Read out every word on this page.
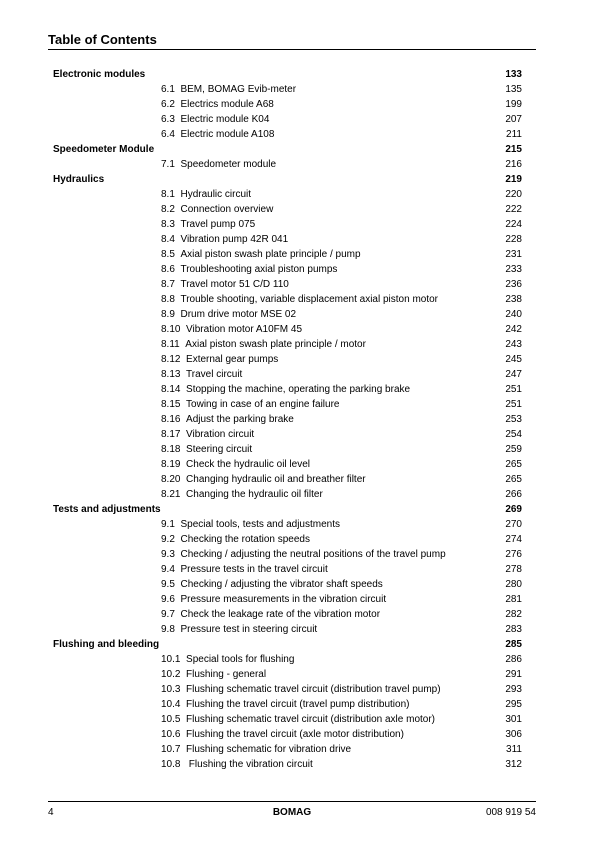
Table of Contents
Electronic modules	133
6.1 BEM, BOMAG Evib-meter	135
6.2 Electrics module A68	199
6.3 Electric module K04	207
6.4 Electric module A108	211
Speedometer Module	215
7.1 Speedometer module	216
Hydraulics	219
8.1 Hydraulic circuit	220
8.2 Connection overview	222
8.3 Travel pump 075	224
8.4 Vibration pump 42R 041	228
8.5 Axial piston swash plate principle / pump	231
8.6 Troubleshooting axial piston pumps	233
8.7 Travel motor 51 C/D 110	236
8.8 Trouble shooting, variable displacement axial piston motor	238
8.9 Drum drive motor MSE 02	240
8.10 Vibration motor A10FM 45	242
8.11 Axial piston swash plate principle / motor	243
8.12 External gear pumps	245
8.13 Travel circuit	247
8.14 Stopping the machine, operating the parking brake	251
8.15 Towing in case of an engine failure	251
8.16 Adjust the parking brake	253
8.17 Vibration circuit	254
8.18 Steering circuit	259
8.19 Check the hydraulic oil level	265
8.20 Changing hydraulic oil and breather filter	265
8.21 Changing the hydraulic oil filter	266
Tests and adjustments	269
9.1 Special tools, tests and adjustments	270
9.2 Checking the rotation speeds	274
9.3 Checking / adjusting the neutral positions of the travel pump	276
9.4 Pressure tests in the travel circuit	278
9.5 Checking / adjusting the vibrator shaft speeds	280
9.6 Pressure measurements in the vibration circuit	281
9.7 Check the leakage rate of the vibration motor	282
9.8 Pressure test in steering circuit	283
Flushing and bleeding	285
10.1 Special tools for flushing	286
10.2 Flushing - general	291
10.3 Flushing schematic travel circuit (distribution travel pump)	293
10.4 Flushing the travel circuit (travel pump distribution)	295
10.5 Flushing schematic travel circuit (distribution axle motor)	301
10.6 Flushing the travel circuit (axle motor distribution)	306
10.7 Flushing schematic for vibration drive	311
10.8   Flushing the vibration circuit	312
4	BOMAG	008 919 54
